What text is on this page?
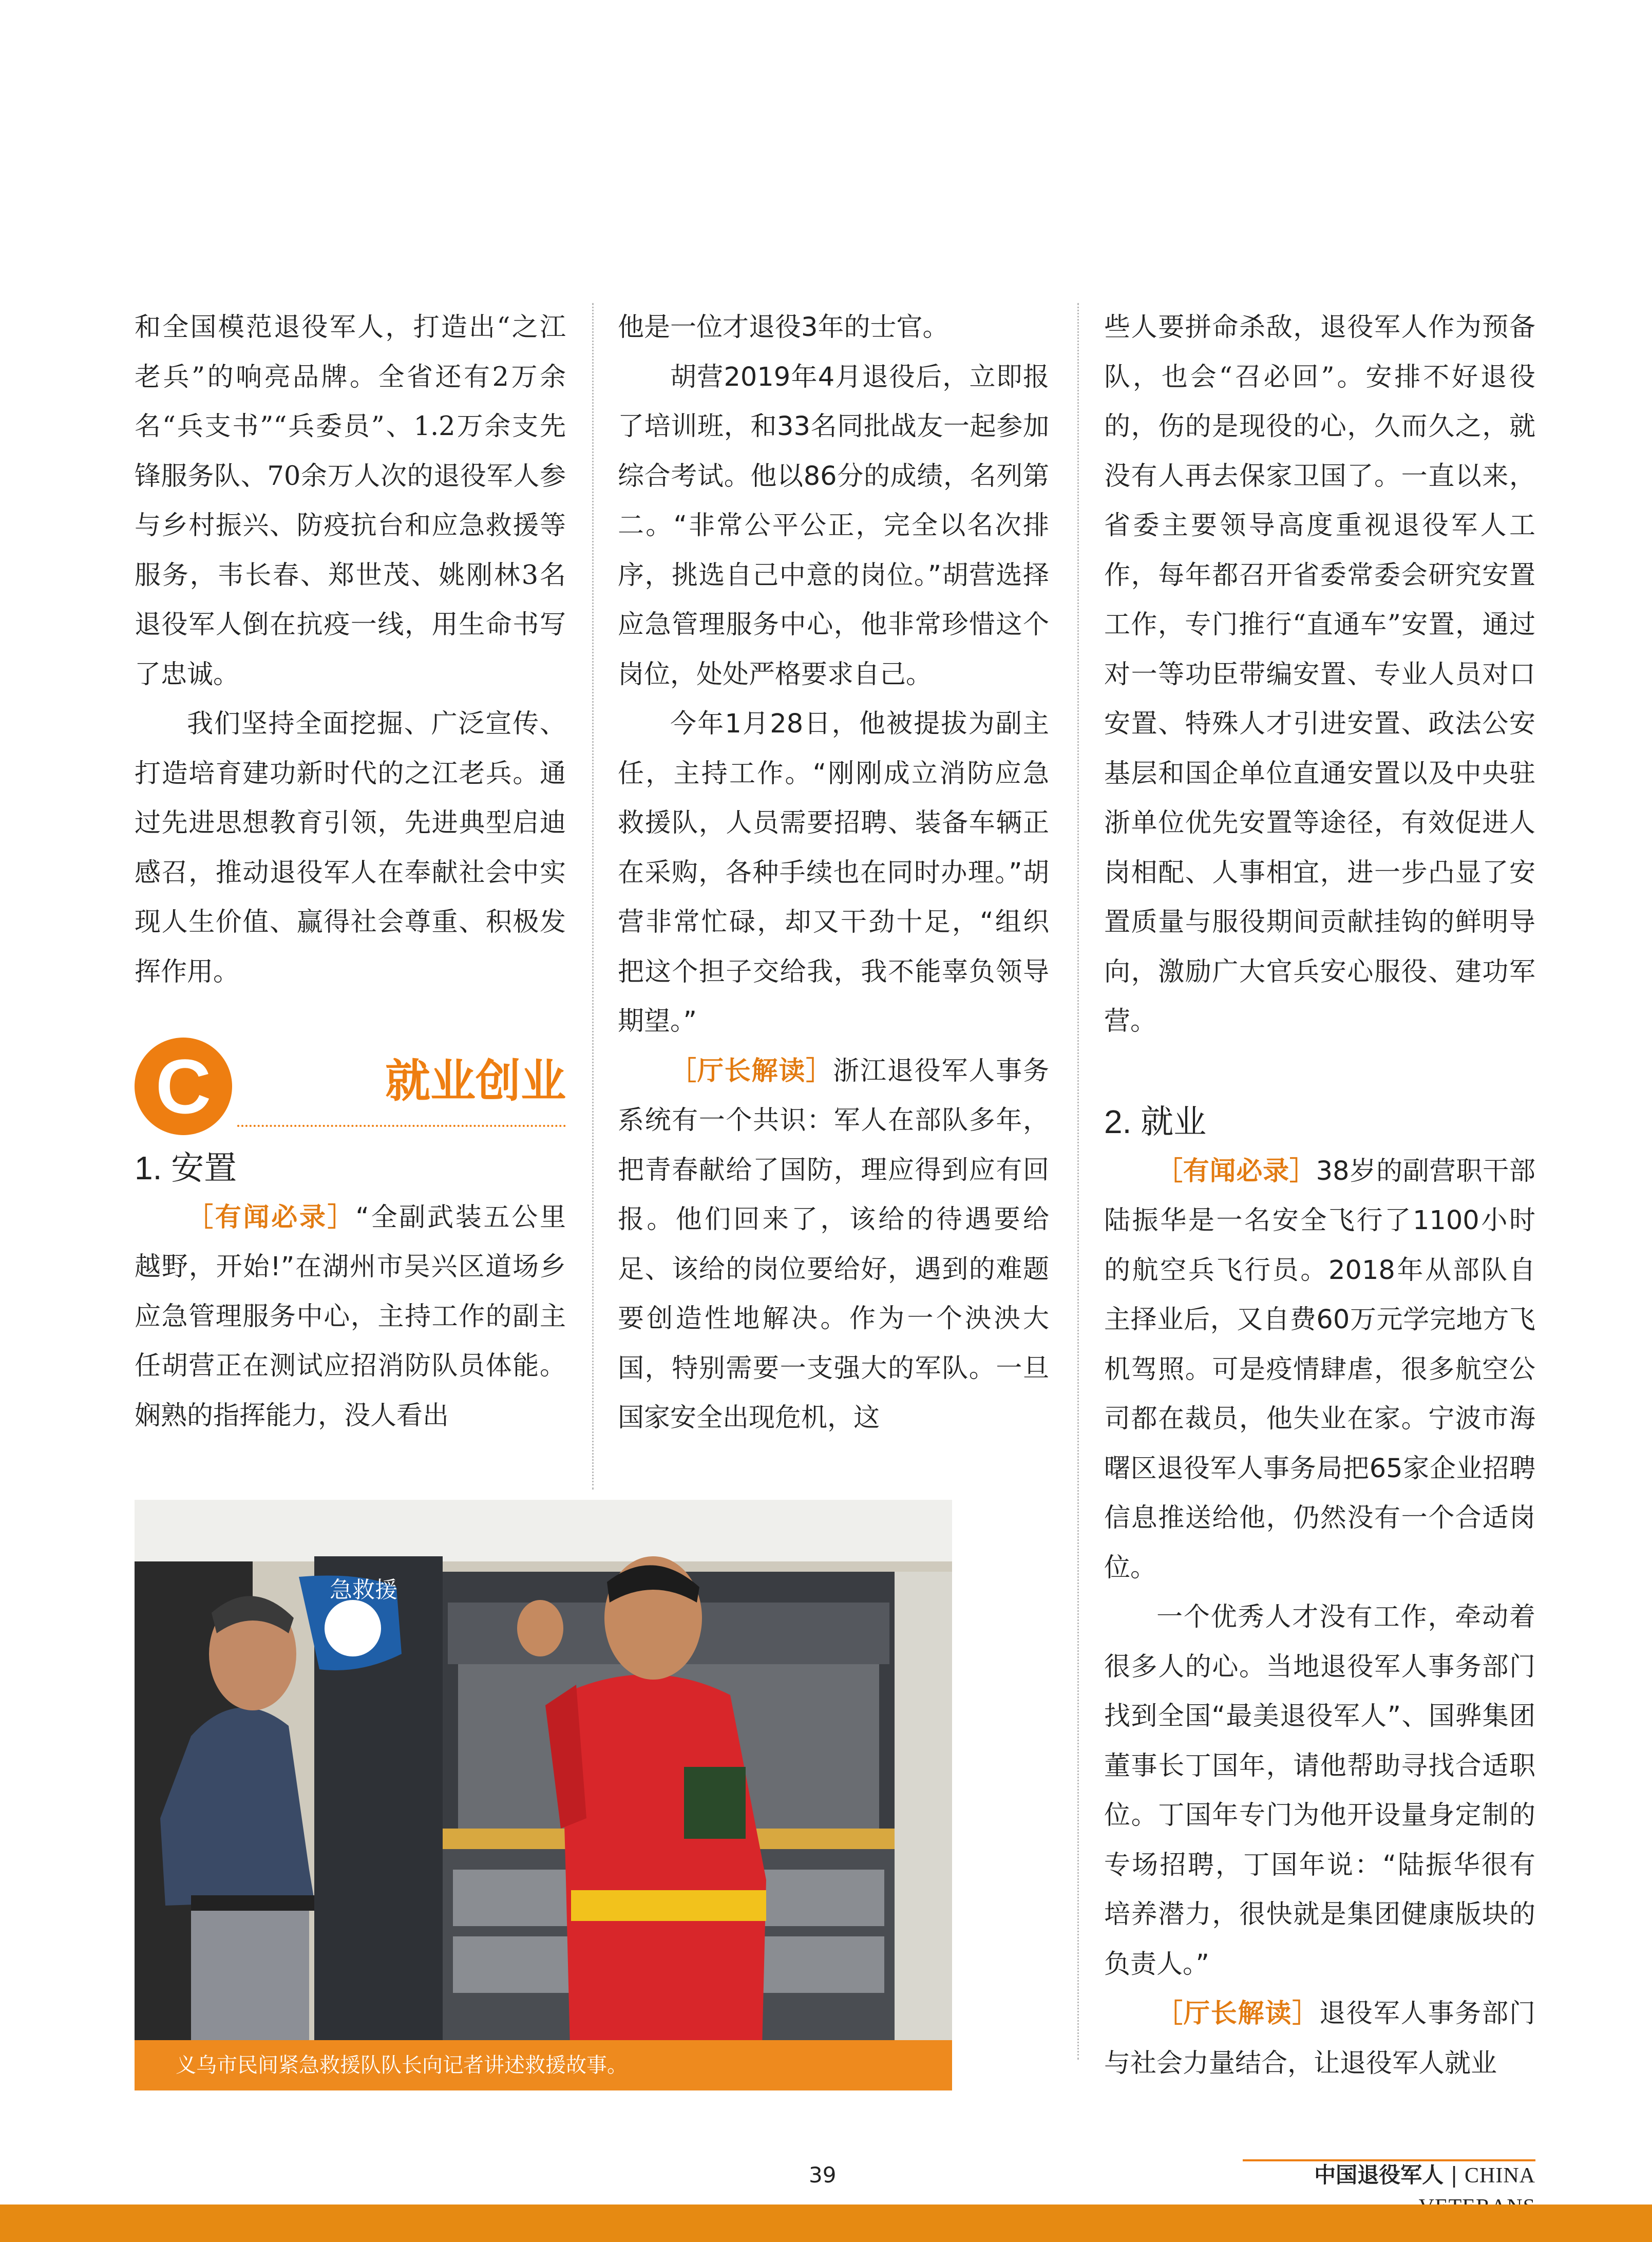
和全国模范退役军人，打造出“之江老兵”的响亮品牌。全省还有2万余名“兵支书”“兵委员”、1.2万余支先锋服务队、70余万人次的退役军人参与乡村振兴、防疫抗台和应急救援等服务，韦长春、郑世茂、姚刚林3名退役军人倒在抗疫一线，用生命书写了忠诚。

我们坚持全面挖掘、广泛宣传、打造培育建功新时代的之江老兵。通过先进思想教育引领，先进典型启迪感召，推动退役军人在奉献社会中实现人生价值、赢得社会尊重、积极发挥作用。

C	就业创业

1. 安置

［有闻必录］“全副武装五公里越野，开始!”在湖州市吴兴区道场乡应急管理服务中心，主持工作的副主任胡营正在测试应招消防队员体能。娴熟的指挥能力，没人看出

他是一位才退役3年的士官。

胡营2019年4月退役后，立即报了培训班，和33名同批战友一起参加综合考试。他以86分的成绩，名列第二。“非常公平公正，完全以名次排序，挑选自己中意的岗位。”胡营选择应急管理服务中心，他非常珍惜这个岗位，处处严格要求自己。

今年1月28日，他被提拔为副主任，主持工作。“刚刚成立消防应急救援队，人员需要招聘、装备车辆正在采购，各种手续也在同时办理。”胡营非常忙碌，却又干劲十足，“组织把这个担子交给我，我不能辜负领导期望。”

［厅长解读］浙江退役军人事务系统有一个共识：军人在部队多年，把青春献给了国防，理应得到应有回报。他们回来了，该给的待遇要给足、该给的岗位要给好，遇到的难题要创造性地解决。作为一个泱泱大国，特别需要一支强大的军队。一旦国家安全出现危机，这

些人要拼命杀敌，退役军人作为预备队，也会“召必回”。安排不好退役的，伤的是现役的心，久而久之，就没有人再去保家卫国了。一直以来，省委主要领导高度重视退役军人工作，每年都召开省委常委会研究安置工作，专门推行“直通车”安置，通过对一等功臣带编安置、专业人员对口安置、特殊人才引进安置、政法公安基层和国企单位直通安置以及中央驻浙单位优先安置等途径，有效促进人岗相配、人事相宜，进一步凸显了安置质量与服役期间贡献挂钩的鲜明导向，激励广大官兵安心服役、建功军营。

2. 就业

［有闻必录］38岁的副营职干部陆振华是一名安全飞行了1100小时的航空兵飞行员。2018年从部队自主择业后，又自费60万元学完地方飞机驾照。可是疫情肆虐，很多航空公司都在裁员，他失业在家。宁波市海曙区退役军人事务局把65家企业招聘信息推送给他，仍然没有一个合适岗位。

一个优秀人才没有工作，牵动着很多人的心。当地退役军人事务部门找到全国“最美退役军人”、国骅集团董事长丁国年，请他帮助寻找合适职位。丁国年专门为他开设量身定制的专场招聘，丁国年说：“陆振华很有培养潜力，很快就是集团健康版块的负责人。”

［厅长解读］退役军人事务部门与社会力量结合，让退役军人就业

急救援
义乌市民间紧急救援队队长向记者讲述救援故事。
39	中国退役军人 | CHINA
